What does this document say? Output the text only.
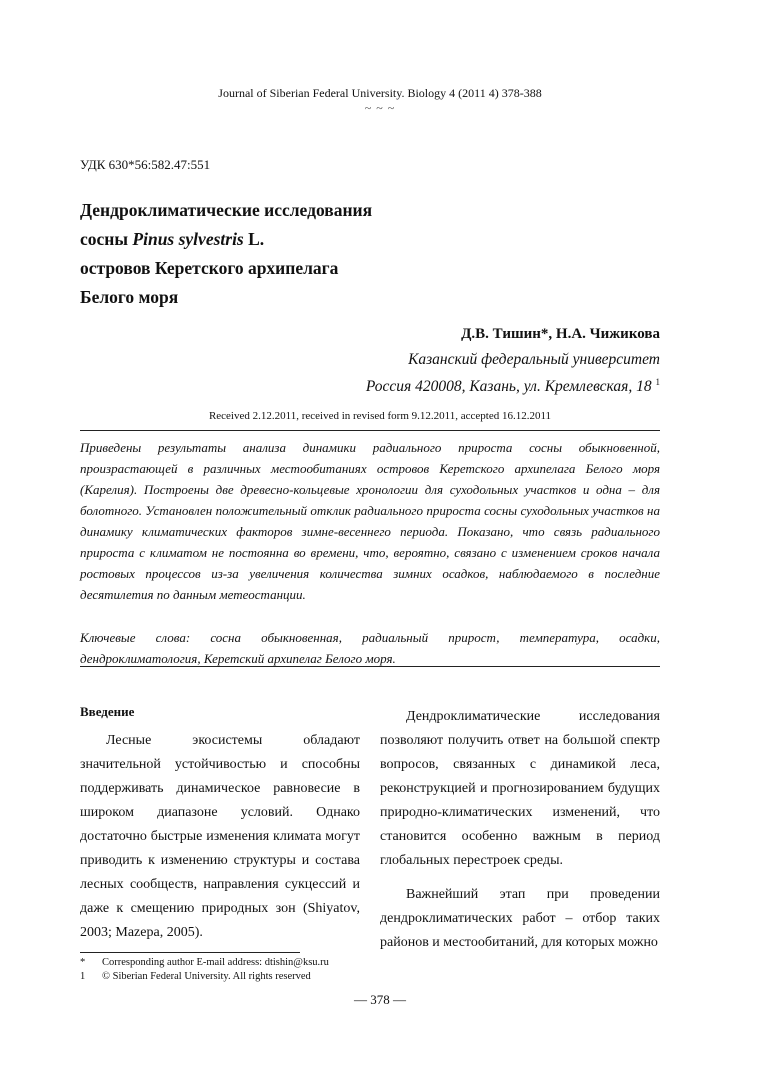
Journal of Siberian Federal University. Biology 4 (2011 4) 378-388
~ ~ ~
УДК 630*56:582.47:551
Дендроклиматические исследования
сосны Pinus sylvestris L.
островов Керетского архипелага
Белого моря
Д.В. Тишин*, Н.А. Чижикова
Казанский федеральный университет
Россия 420008, Казань, ул. Кремлевская, 18 $^1$
Received 2.12.2011, received in revised form 9.12.2011, accepted 16.12.2011
Приведены результаты анализа динамики радиального прироста сосны обыкновенной, произрастающей в различных местообитаниях островов Керетского архипелага Белого моря (Карелия). Построены две древесно-кольцевые хронологии для суходольных участков и одна – для болотного. Установлен положительный отклик радиального прироста сосны суходольных участков на динамику климатических факторов зимне-весеннего периода. Показано, что связь радиального прироста с климатом не постоянна во времени, что, вероятно, связано с изменением сроков начала ростовых процессов из-за увеличения количества зимних осадков, наблюдаемого в последние десятилетия по данным метеостанции.
Ключевые слова: сосна обыкновенная, радиальный прирост, температура, осадки, дендроклиматология, Керетский архипелаг Белого моря.
Введение

Лесные экосистемы обладают значительной устойчивостью и способны поддерживать динамическое равновесие в широком диапазоне условий. Однако достаточно быстрые изменения климата могут приводить к изменению структуры и состава лесных сообществ, направления сукцессий и даже к смещению природных зон (Shiyatov, 2003; Mazepa, 2005).

Дендроклиматические исследования позволяют получить ответ на большой спектр вопросов, связанных с динамикой леса, реконструкцией и прогнозированием будущих природно-климатических изменений, что становится особенно важным в период глобальных перестроек среды.

Важнейший этап при проведении дендроклиматических работ – отбор таких районов и местообитаний, для которых можно

*	Corresponding author E-mail address: dtishin@ksu.ru
1	© Siberian Federal University. All rights reserved
— 378 —
